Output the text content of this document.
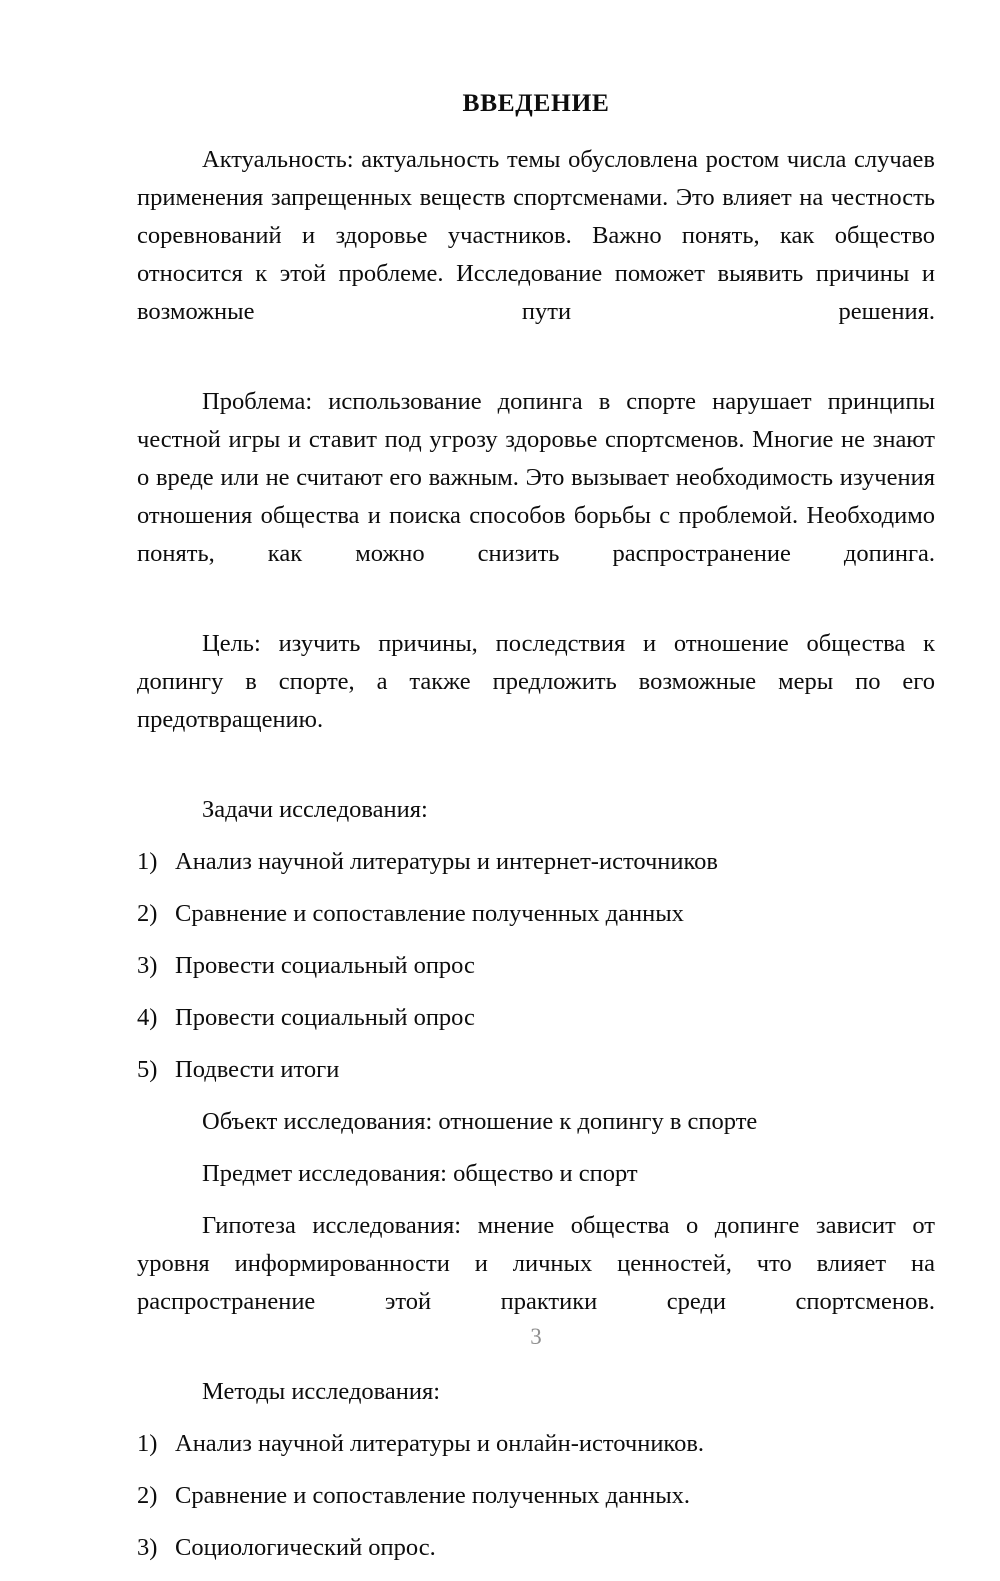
ВВЕДЕНИЕ

Актуальность: актуальность темы обусловлена ростом числа случаев применения запрещенных веществ спортсменами. Это влияет на честность соревнований и здоровье участников. Важно понять, как общество относится к этой проблеме. Исследование поможет выявить причины и возможные пути решения.

Проблема: использование допинга в спорте нарушает принципы честной игры и ставит под угрозу здоровье спортсменов. Многие не знают о вреде или не считают его важным. Это вызывает необходимость изучения отношения общества и поиска способов борьбы с проблемой. Необходимо понять, как можно снизить распространение допинга.

Цель: изучить причины, последствия и отношение общества к допингу в спорте, а также предложить возможные меры по его предотвращению.

Задачи исследования:

1) Анализ научной литературы и интернет-источников
2) Сравнение и сопоставление полученных данных
3) Провести социальный опрос
4) Провести социальный опрос
5) Подвести итоги

Объект исследования: отношение к допингу в спорте

Предмет исследования: общество и спорт

Гипотеза исследования: мнение общества о допинге зависит от уровня информированности и личных ценностей, что влияет на распространение этой практики среди спортсменов.

Методы исследования:

1) Анализ научной литературы и онлайн-источников.
2) Сравнение и сопоставление полученных данных.
3) Социологический опрос.
3
